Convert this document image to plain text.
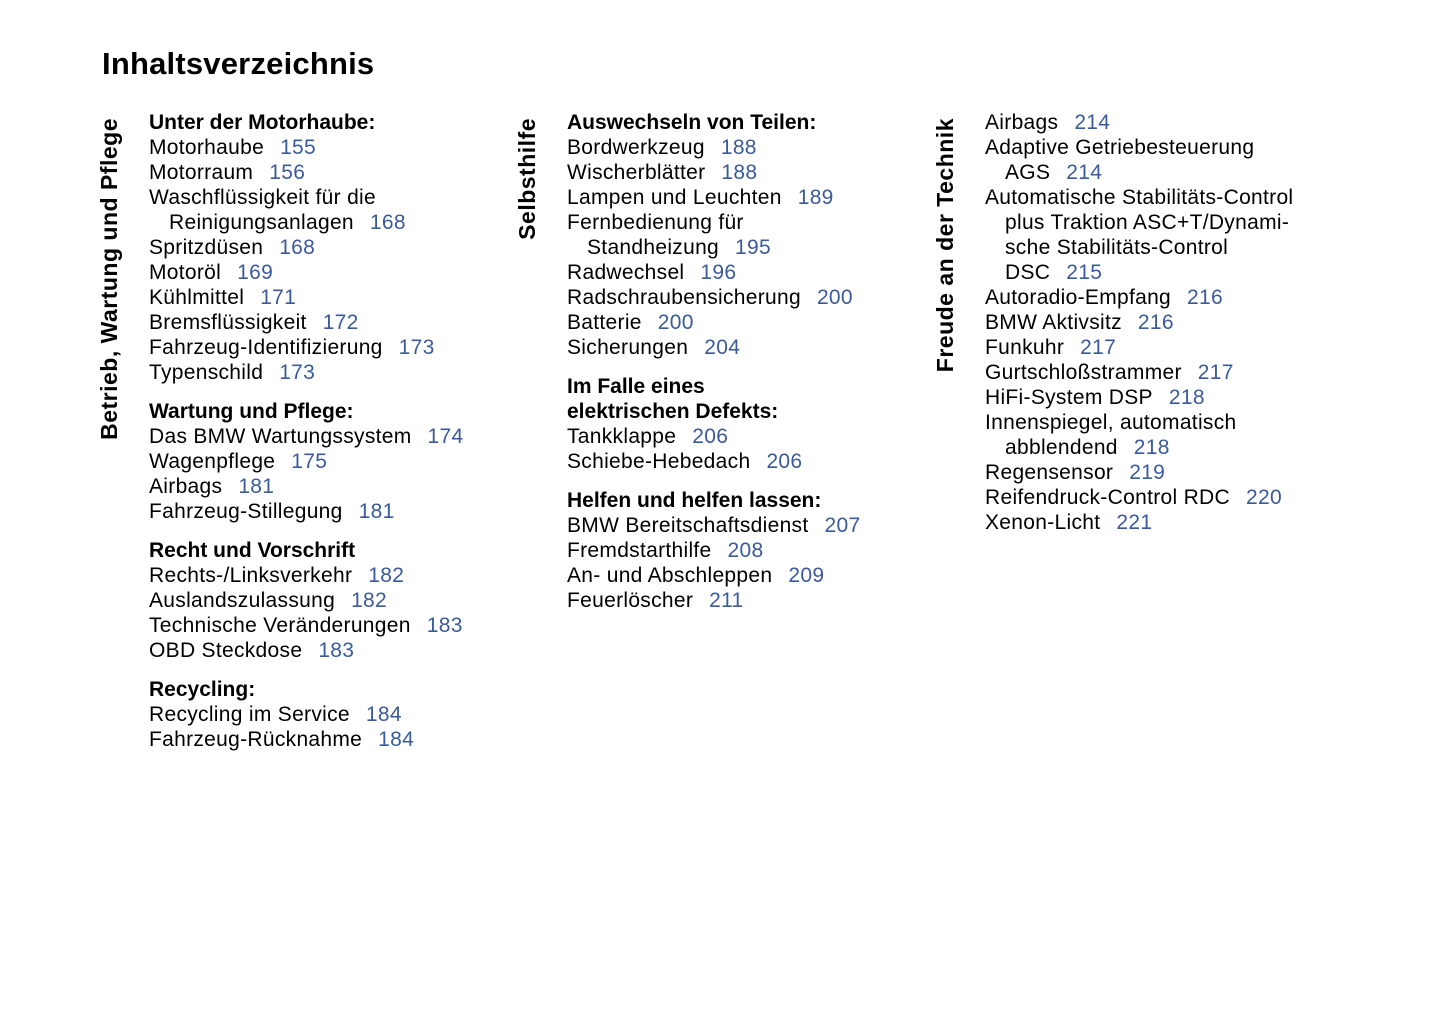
Inhaltsverzeichnis
Betrieb, Wartung und Pflege Unter der Motorhaube:
Motorhaube 155
Motorraum 156
Waschflüssigkeit für die
Reinigungsanlagen 168
Spritzdüsen 168
Motoröl 169
Kühlmittel 171
Bremsflüssigkeit 172
Fahrzeug-Identifizierung 173
Typenschild 173
Wartung und Pflege:
Das BMW Wartungssystem 174
Wagenpflege 175
Airbags 181
Fahrzeug-Stillegung 181
Recht und Vorschrift
Rechts-/Linksverkehr 182
Auslandszulassung 182
Technische Veränderungen 183
OBD Steckdose 183
Recycling:
Recycling im Service 184
Fahrzeug-Rücknahme 184
Selbsthilfe Auswechseln von Teilen:
Bordwerkzeug 188
Wischerblätter 188
Lampen und Leuchten 189
Fernbedienung für
Standheizung 195
Radwechsel 196
Radschraubensicherung 200
Batterie 200
Sicherungen 204
Im Falle eines
elektrischen Defekts:
Tankklappe 206
Schiebe-Hebedach 206
Helfen und helfen lassen:
BMW Bereitschaftsdienst 207
Fremdstarthilfe 208
An- und Abschleppen 209
Feuerlöscher 211
Freude an der Technik Airbags 214
Adaptive Getriebesteuerung
AGS 214
Automatische Stabilitäts-Control
plus Traktion ASC+T/Dynami-
sche Stabilitäts-Control
DSC 215
Autoradio-Empfang 216
BMW Aktivsitz 216
Funkuhr 217
Gurtschloßstrammer 217
HiFi-System DSP 218
Innenspiegel, automatisch
abblendend 218
Regensensor 219
Reifendruck-Control RDC 220
Xenon-Licht 221
